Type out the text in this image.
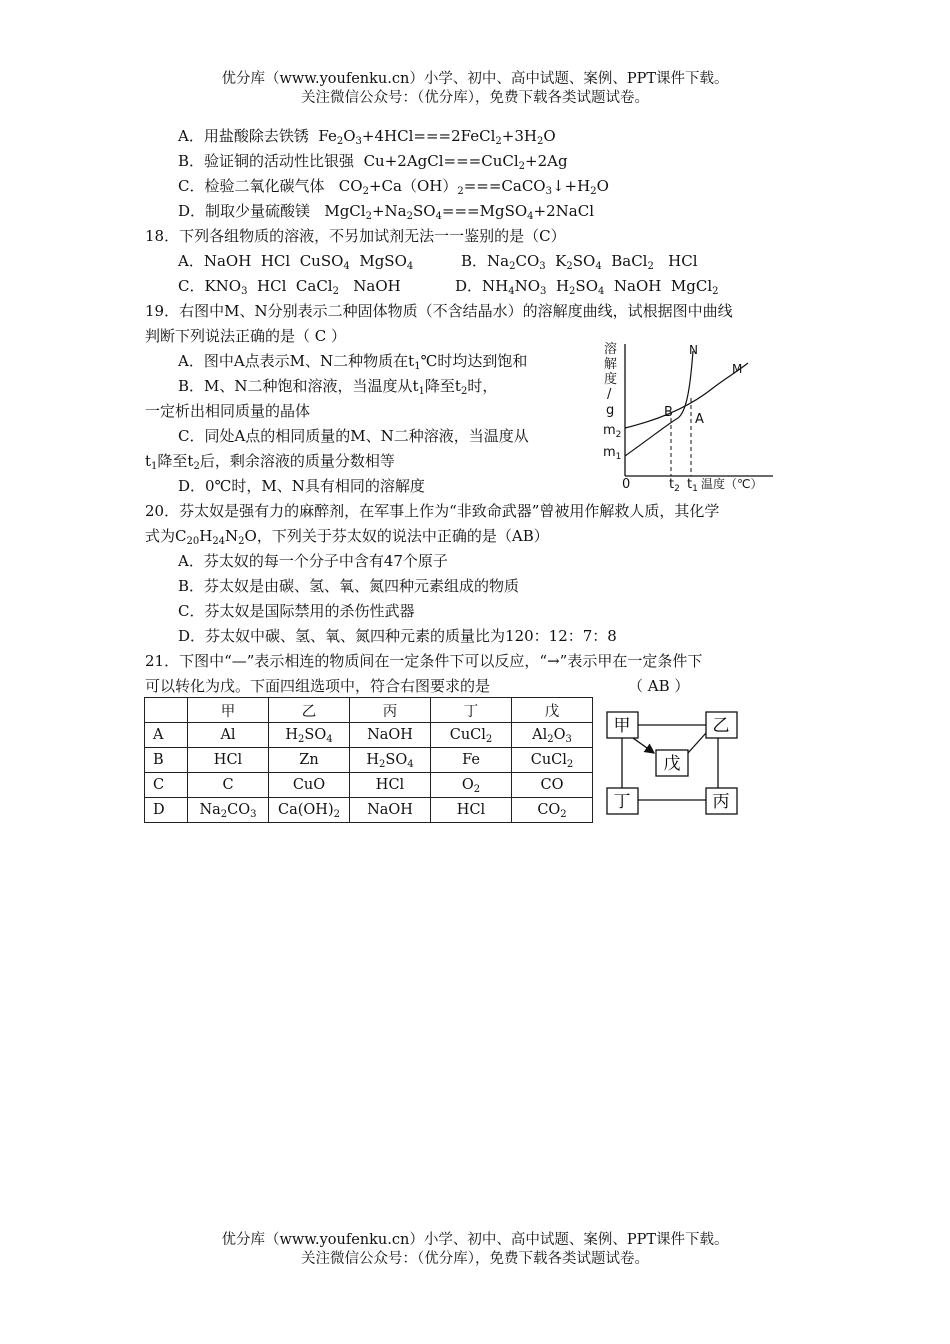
优分库（www.youfenku.cn）小学、初中、高中试题、案例、PPT课件下载。
关注微信公众号：（优分库），免费下载各类试题试卷。
A．用盐酸除去铁锈  $Fe_2O_3+4HCl===2FeCl_2+3H_2O$
B．验证铜的活动性比银强  Cu+2AgCl===CuCl$_2$+2Ag
C．检验二氧化碳气体   $CO_2+Ca(OH)_2===CaCO_3↓+H_2O$
D．制取少量硫酸镁   $MgCl_2+Na_2SO_4===MgSO_4+2NaCl$
18．下列各组物质的溶液，不另加试剂无法一一鉴别的是（C）
A．NaOH  HCl  CuSO$_4$  MgSO$_4$	B．$Na_2CO_3$  $K_2SO_4$  BaCl$_2$   HCl
C．$KNO_3$  HCl  CaCl$_2$   NaOH	D．$NH_4NO_3$  $H_2SO_4$  NaOH  MgCl$_2$
19．右图中M、N分别表示二种固体物质（不含结晶水）的溶解度曲线，试根据图中曲线
判断下列说法正确的是（ C ）
A．图中A点表示M、N二种物质在$t_1℃$时均达到饱和
B．M、N二种饱和溶液，当温度从$t_1$降至$t_2$时，
一定析出相同质量的晶体
C．同处A点的相同质量的M、N二种溶液，当温度从
$t_1$降至$t_2$后，剩余溶液的质量分数相等
D．0℃时，M、N具有相同的溶解度
溶
解
度
/
g
$m_2$
$m_1$
0	$t_2$ $t_1$ 温度（℃）
N
M
B A
20．芬太奴是强有力的麻醉剂，在军事上作为“非致命武器”曾被用作解救人质，其化学
式为$C_{20}H_{24}N_2O$，下列关于芬太奴的说法中正确的是（AB）
A．芬太奴的每一个分子中含有47个原子
B．芬太奴是由碳、氢、氧、氮四种元素组成的物质
C．芬太奴是国际禁用的杀伤性武器
D．芬太奴中碳、氢、氧、氮四种元素的质量比为120：12：7：8
21．下图中“—”表示相连的物质间在一定条件下可以反应，“→”表示甲在一定条件下
可以转化为戊。下面四组选项中，符合右图要求的是	（ AB ）
	甲	乙	丙	丁	戊
A	Al	$H_2SO_4$	NaOH	CuCl$_2$	$Al_2O_3$
B	HCl	Zn	$H_2SO_4$	Fe	CuCl$_2$
C	C	CuO	HCl	$O_2$	CO
D	$Na_2CO_3$	$Ca(OH)_2$	NaOH	HCl	$CO_2$
甲	乙
戊
丁	丙
优分库（www.youfenku.cn）小学、初中、高中试题、案例、PPT课件下载。
关注微信公众号：（优分库），免费下载各类试题试卷。
